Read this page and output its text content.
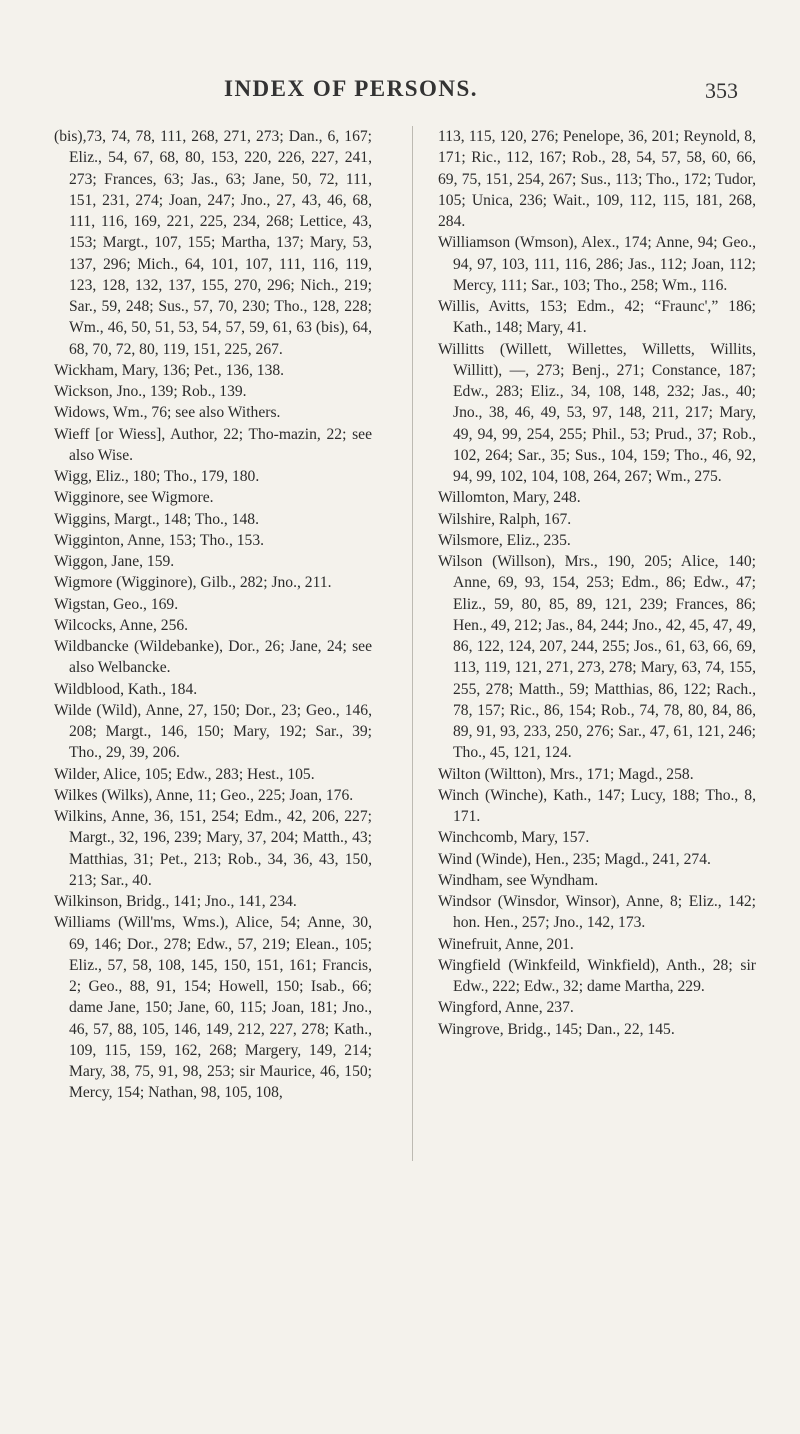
INDEX OF PERSONS.	353

(bis),73, 74, 78, 111, 268, 271, 273; Dan., 6, 167; Eliz., 54, 67, 68, 80, 153, 220, 226, 227, 241, 273; Frances, 63; Jas., 63; Jane, 50, 72, 111, 151, 231, 274; Joan, 247; Jno., 27, 43, 46, 68, 111, 116, 169, 221, 225, 234, 268; Lettice, 43, 153; Margt., 107, 155; Martha, 137; Mary, 53, 137, 296; Mich., 64, 101, 107, 111, 116, 119, 123, 128, 132, 137, 155, 270, 296; Nich., 219; Sar., 59, 248; Sus., 57, 70, 230; Tho., 128, 228; Wm., 46, 50, 51, 53, 54, 57, 59, 61, 63 (bis), 64, 68, 70, 72, 80, 119, 151, 225, 267.

Wickham, Mary, 136; Pet., 136, 138.

Wickson, Jno., 139; Rob., 139.

Widows, Wm., 76; see also Withers.

Wieff [or Wiess], Author, 22; Tho-mazin, 22; see also Wise.

Wigg, Eliz., 180; Tho., 179, 180.

Wigginore, see Wigmore.

Wiggins, Margt., 148; Tho., 148.

Wigginton, Anne, 153; Tho., 153.

Wiggon, Jane, 159.

Wigmore (Wigginore), Gilb., 282; Jno., 211.

Wigstan, Geo., 169.

Wilcocks, Anne, 256.

Wildbancke (Wildebanke), Dor., 26; Jane, 24; see also Welbancke.

Wildblood, Kath., 184.

Wilde (Wild), Anne, 27, 150; Dor., 23; Geo., 146, 208; Margt., 146, 150; Mary, 192; Sar., 39; Tho., 29, 39, 206.

Wilder, Alice, 105; Edw., 283; Hest., 105.

Wilkes (Wilks), Anne, 11; Geo., 225; Joan, 176.

Wilkins, Anne, 36, 151, 254; Edm., 42, 206, 227; Margt., 32, 196, 239; Mary, 37, 204; Matth., 43; Matthias, 31; Pet., 213; Rob., 34, 36, 43, 150, 213; Sar., 40.

Wilkinson, Bridg., 141; Jno., 141, 234.

Williams (Will'ms, Wms.), Alice, 54; Anne, 30, 69, 146; Dor., 278; Edw., 57, 219; Elean., 105; Eliz., 57, 58, 108, 145, 150, 151, 161; Francis, 2; Geo., 88, 91, 154; Howell, 150; Isab., 66; dame Jane, 150; Jane, 60, 115; Joan, 181; Jno., 46, 57, 88, 105, 146, 149, 212, 227, 278; Kath., 109, 115, 159, 162, 268; Margery, 149, 214; Mary, 38, 75, 91, 98, 253; sir Maurice, 46, 150; Mercy, 154; Nathan, 98, 105, 108,

113, 115, 120, 276; Penelope, 36, 201; Reynold, 8, 171; Ric., 112, 167; Rob., 28, 54, 57, 58, 60, 66, 69, 75, 151, 254, 267; Sus., 113; Tho., 172; Tudor, 105; Unica, 236; Wait., 109, 112, 115, 181, 268, 284.

Williamson (Wmson), Alex., 174; Anne, 94; Geo., 94, 97, 103, 111, 116, 286; Jas., 112; Joan, 112; Mercy, 111; Sar., 103; Tho., 258; Wm., 116.

Willis, Avitts, 153; Edm., 42; “Fraunc',” 186; Kath., 148; Mary, 41.

Willitts (Willett, Willettes, Willetts, Willits, Willitt), —, 273; Benj., 271; Constance, 187; Edw., 283; Eliz., 34, 108, 148, 232; Jas., 40; Jno., 38, 46, 49, 53, 97, 148, 211, 217; Mary, 49, 94, 99, 254, 255; Phil., 53; Prud., 37; Rob., 102, 264; Sar., 35; Sus., 104, 159; Tho., 46, 92, 94, 99, 102, 104, 108, 264, 267; Wm., 275.

Willomton, Mary, 248.

Wilshire, Ralph, 167.

Wilsmore, Eliz., 235.

Wilson (Willson), Mrs., 190, 205; Alice, 140; Anne, 69, 93, 154, 253; Edm., 86; Edw., 47; Eliz., 59, 80, 85, 89, 121, 239; Frances, 86; Hen., 49, 212; Jas., 84, 244; Jno., 42, 45, 47, 49, 86, 122, 124, 207, 244, 255; Jos., 61, 63, 66, 69, 113, 119, 121, 271, 273, 278; Mary, 63, 74, 155, 255, 278; Matth., 59; Matthias, 86, 122; Rach., 78, 157; Ric., 86, 154; Rob., 74, 78, 80, 84, 86, 89, 91, 93, 233, 250, 276; Sar., 47, 61, 121, 246; Tho., 45, 121, 124.

Wilton (Wiltton), Mrs., 171; Magd., 258.

Winch (Winche), Kath., 147; Lucy, 188; Tho., 8, 171.

Winchcomb, Mary, 157.

Wind (Winde), Hen., 235; Magd., 241, 274.

Windham, see Wyndham.

Windsor (Winsdor, Winsor), Anne, 8; Eliz., 142; hon. Hen., 257; Jno., 142, 173.

Winefruit, Anne, 201.

Wingfield (Winkfeild, Winkfield), Anth., 28; sir Edw., 222; Edw., 32; dame Martha, 229.

Wingford, Anne, 237.

Wingrove, Bridg., 145; Dan., 22, 145.
